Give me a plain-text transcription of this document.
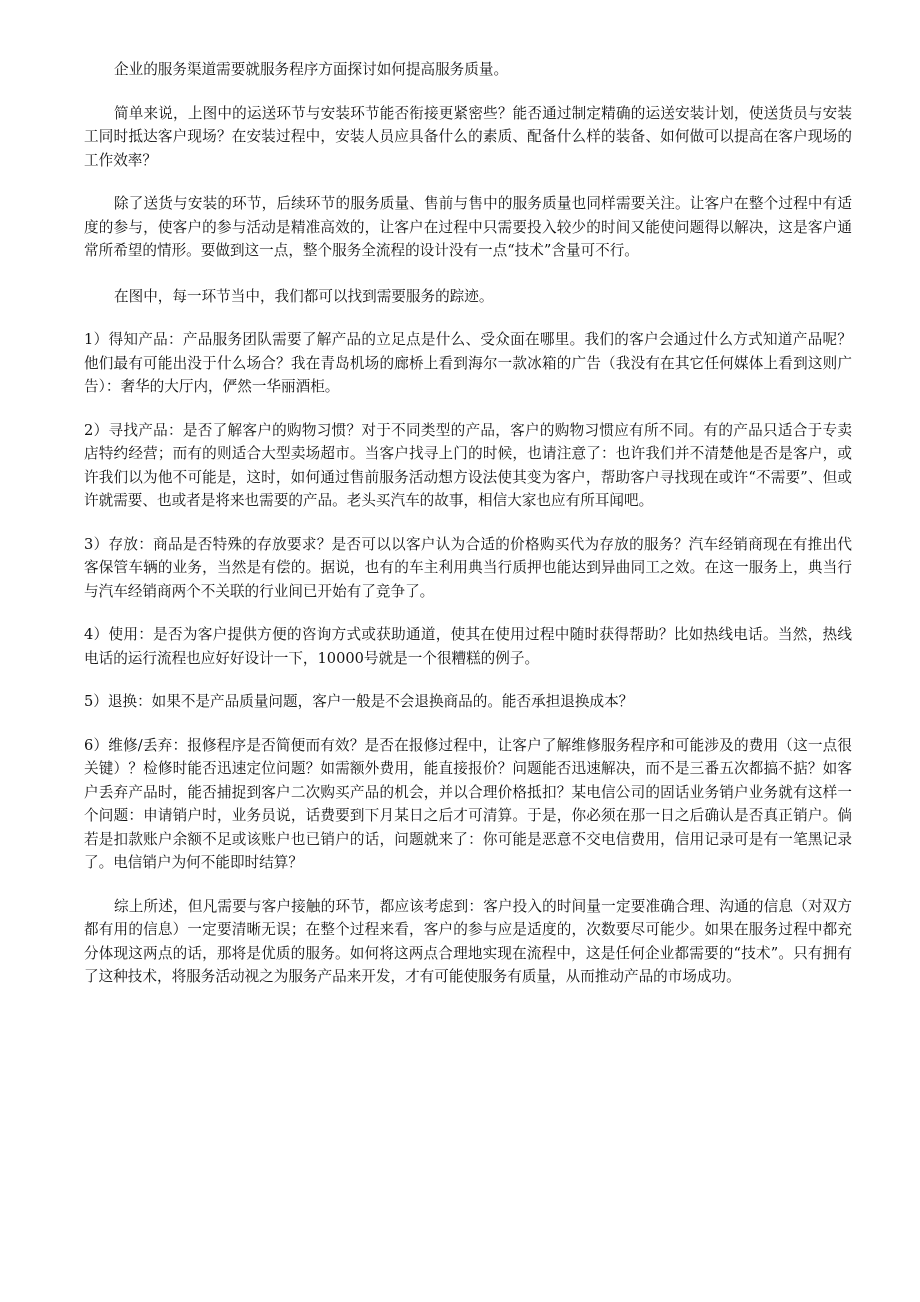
企业的服务渠道需要就服务程序方面探讨如何提高服务质量。

简单来说，上图中的运送环节与安装环节能否衔接更紧密些？能否通过制定精确的运送安装计划，使送货员与安装工同时抵达客户现场？在安装过程中，安装人员应具备什么的素质、配备什么样的装备、如何做可以提高在客户现场的工作效率？

除了送货与安装的环节，后续环节的服务质量、售前与售中的服务质量也同样需要关注。让客户在整个过程中有适度的参与，使客户的参与活动是精准高效的，让客户在过程中只需要投入较少的时间又能使问题得以解决，这是客户通常所希望的情形。要做到这一点，整个服务全流程的设计没有一点“技术”含量可不行。

在图中，每一环节当中，我们都可以找到需要服务的踪迹。

1）得知产品：产品服务团队需要了解产品的立足点是什么、受众面在哪里。我们的客户会通过什么方式知道产品呢？他们最有可能出没于什么场合？我在青岛机场的廊桥上看到海尔一款冰箱的广告（我没有在其它任何媒体上看到这则广告）：奢华的大厅内，俨然一华丽酒柜。

2）寻找产品：是否了解客户的购物习惯？对于不同类型的产品，客户的购物习惯应有所不同。有的产品只适合于专卖店特约经营；而有的则适合大型卖场超市。当客户找寻上门的时候，也请注意了：也许我们并不清楚他是否是客户，或许我们以为他不可能是，这时，如何通过售前服务活动想方设法使其变为客户，帮助客户寻找现在或许“不需要”、但或许就需要、也或者是将来也需要的产品。老头买汽车的故事，相信大家也应有所耳闻吧。

3）存放：商品是否特殊的存放要求？是否可以以客户认为合适的价格购买代为存放的服务？汽车经销商现在有推出代客保管车辆的业务，当然是有偿的。据说，也有的车主利用典当行质押也能达到异曲同工之效。在这一服务上，典当行与汽车经销商两个不关联的行业间已开始有了竞争了。

4）使用：是否为客户提供方便的咨询方式或获助通道，使其在使用过程中随时获得帮助？比如热线电话。当然，热线电话的运行流程也应好好设计一下，10000号就是一个很糟糕的例子。

5）退换：如果不是产品质量问题，客户一般是不会退换商品的。能否承担退换成本？

6）维修/丢弃：报修程序是否简便而有效？是否在报修过程中，让客户了解维修服务程序和可能涉及的费用（这一点很关键）？检修时能否迅速定位问题？如需额外费用，能直接报价？问题能否迅速解决，而不是三番五次都搞不掂？如客户丢弃产品时，能否捕捉到客户二次购买产品的机会，并以合理价格抵扣？某电信公司的固话业务销户业务就有这样一个问题：申请销户时，业务员说，话费要到下月某日之后才可清算。于是，你必须在那一日之后确认是否真正销户。倘若是扣款账户余额不足或该账户也已销户的话，问题就来了：你可能是恶意不交电信费用，信用记录可是有一笔黑记录了。电信销户为何不能即时结算？

综上所述，但凡需要与客户接触的环节，都应该考虑到：客户投入的时间量一定要准确合理、沟通的信息（对双方都有用的信息）一定要清晰无误；在整个过程来看，客户的参与应是适度的，次数要尽可能少。如果在服务过程中都充分体现这两点的话，那将是优质的服务。如何将这两点合理地实现在流程中，这是任何企业都需要的“技术”。只有拥有了这种技术，将服务活动视之为服务产品来开发，才有可能使服务有质量，从而推动产品的市场成功。
